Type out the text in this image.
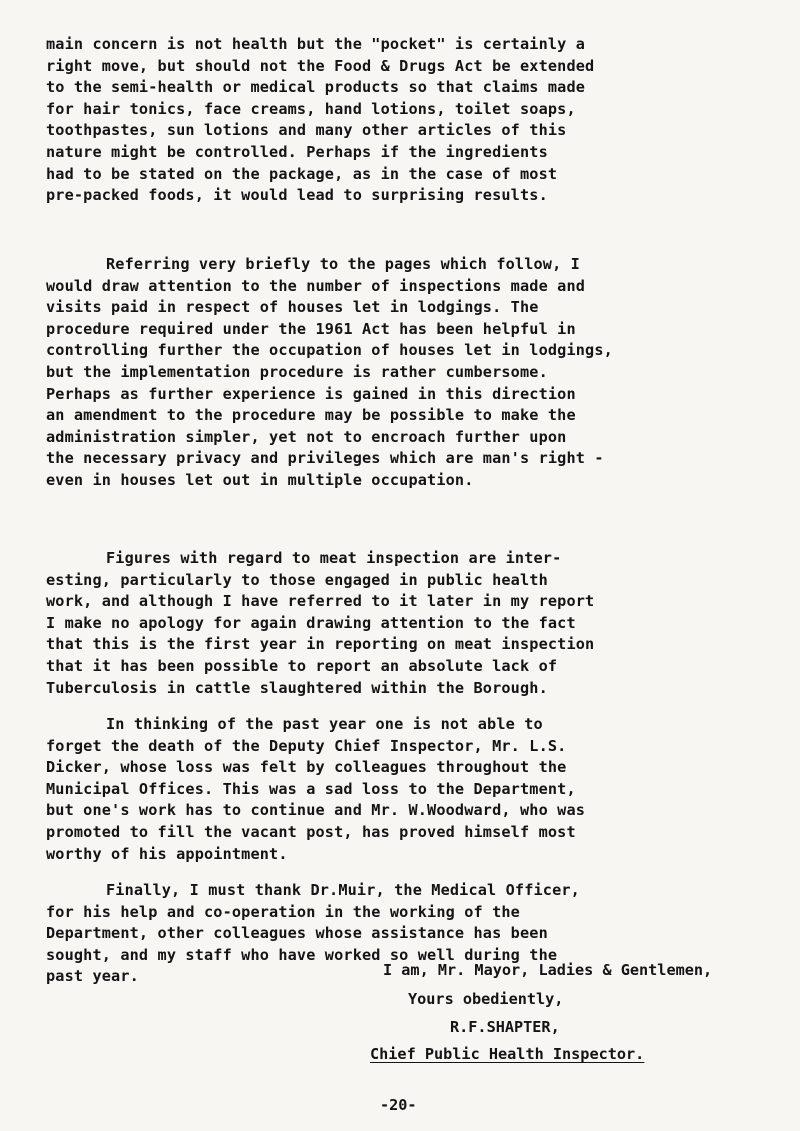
main concern is not health but the "pocket" is certainly a
right move, but should not the Food & Drugs Act be extended
to the semi-health or medical products so that claims made
for hair tonics, face creams, hand lotions, toilet soaps,
toothpastes, sun lotions and many other articles of this
nature might be controlled. Perhaps if the ingredients
had to be stated on the package, as in the case of most
pre-packed foods, it would lead to surprising results.
Referring very briefly to the pages which follow, I
would draw attention to the number of inspections made and
visits paid in respect of houses let in lodgings. The
procedure required under the 1961 Act has been helpful in
controlling further the occupation of houses let in lodgings,
but the implementation procedure is rather cumbersome.
Perhaps as further experience is gained in this direction
an amendment to the procedure may be possible to make the
administration simpler, yet not to encroach further upon
the necessary privacy and privileges which are man's right -
even in houses let out in multiple occupation.
Figures with regard to meat inspection are inter-
esting, particularly to those engaged in public health
work, and although I have referred to it later in my report
I make no apology for again drawing attention to the fact
that this is the first year in reporting on meat inspection
that it has been possible to report an absolute lack of
Tuberculosis in cattle slaughtered within the Borough.
In thinking of the past year one is not able to
forget the death of the Deputy Chief Inspector, Mr. L.S.
Dicker, whose loss was felt by colleagues throughout the
Municipal Offices. This was a sad loss to the Department,
but one's work has to continue and Mr. W.Woodward, who was
promoted to fill the vacant post, has proved himself most
worthy of his appointment.
Finally, I must thank Dr.Muir, the Medical Officer,
for his help and co-operation in the working of the
Department, other colleagues whose assistance has been
sought, and my staff who have worked so well during the
past year.	I am, Mr. Mayor, Ladies & Gentlemen,
Yours obediently,
R.F.SHAPTER,
Chief Public Health Inspector.
-20-
